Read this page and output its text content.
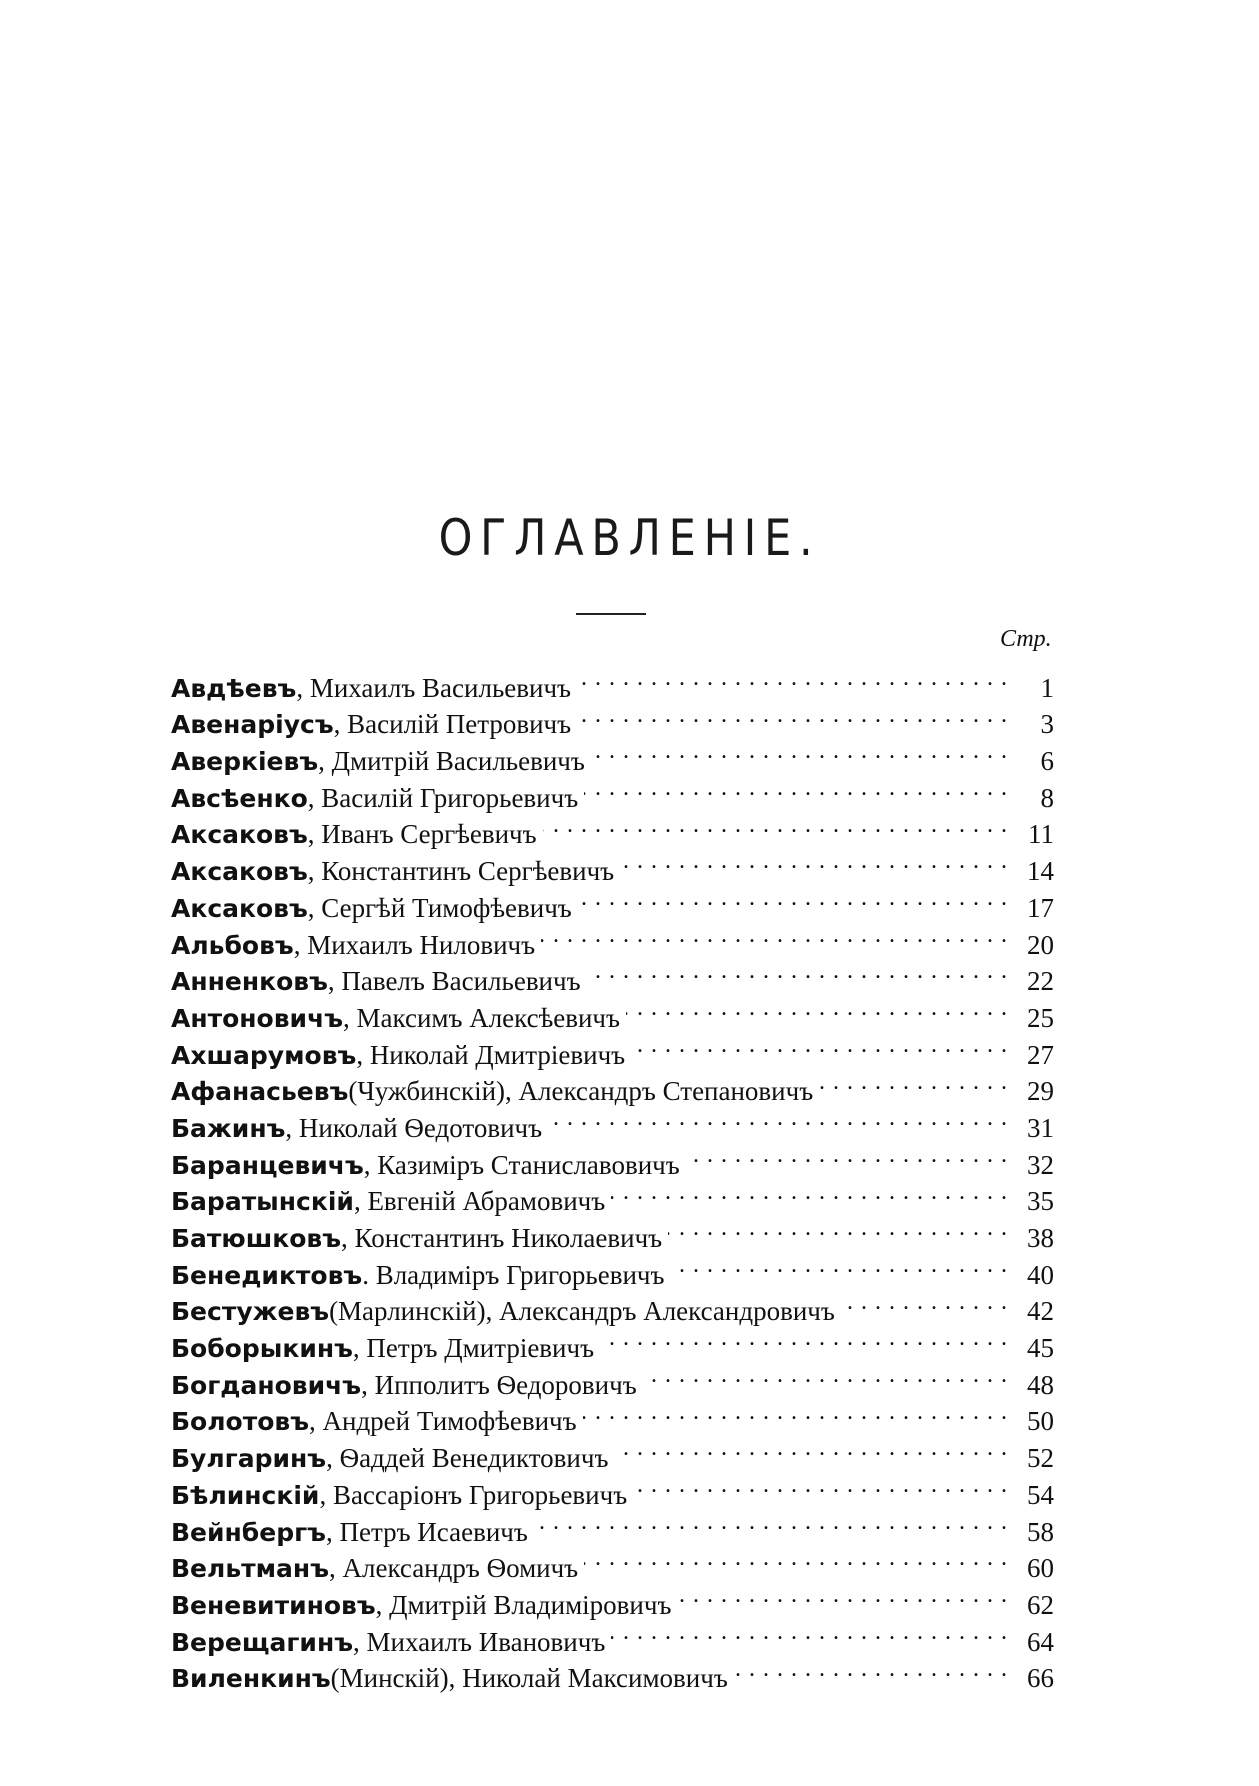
ОГЛАВЛЕНІЕ.
Стр.
Авдѣевъ , Михаилъ Васильевичъ . . .	1
Авенаріусъ , Василій Петровичъ . . .	3
Аверкіевъ , Дмитрій Васильевичъ . . .	6
Авсѣенко , Василій Григорьевичъ . . .	8
Аксаковъ , Иванъ Сергѣевичъ . . .	11
Аксаковъ , Константинъ Сергѣевичъ . . .	14
Аксаковъ , Сергѣй Тимофѣевичъ . . .	17
Альбовъ , Михаилъ Ниловичъ . . .	20
Анненковъ , Павелъ Васильевичъ . . .	22
Антоновичъ , Максимъ Алексѣевичъ . . .	25
Ахшарумовъ , Николай Дмитріевичъ . . .	27
Афанасьевъ (Чужбинскій), Александръ Степановичъ . . .	29
Бажинъ , Николай Ѳедотовичъ . . .	31
Баранцевичъ , Казиміръ Станиславовичъ . . .	32
Баратынскій , Евгеній Абрамовичъ . . .	35
Батюшковъ , Константинъ Николаевичъ . . .	38
Бенедиктовъ . Владиміръ Григорьевичъ . . .	40
Бестужевъ (Марлинскій), Александръ Александровичъ . . .	42
Боборыкинъ , Петръ Дмитріевичъ . . .	45
Богдановичъ , Ипполитъ Ѳедоровичъ . . .	48
Болотовъ , Андрей Тимофѣевичъ . . .	50
Булгаринъ , Ѳаддей Венедиктовичъ . . .	52
Бѣлинскій , Вассаріонъ Григорьевичъ . . .	54
Вейнбергъ , Петръ Исаевичъ . . .	58
Вельтманъ , Александръ Ѳомичъ . . .	60
Веневитиновъ , Дмитрій Владиміровичъ . . .	62
Верещагинъ , Михаилъ Ивановичъ . . .	64
Виленкинъ (Минскій), Николай Максимовичъ . . .	66
